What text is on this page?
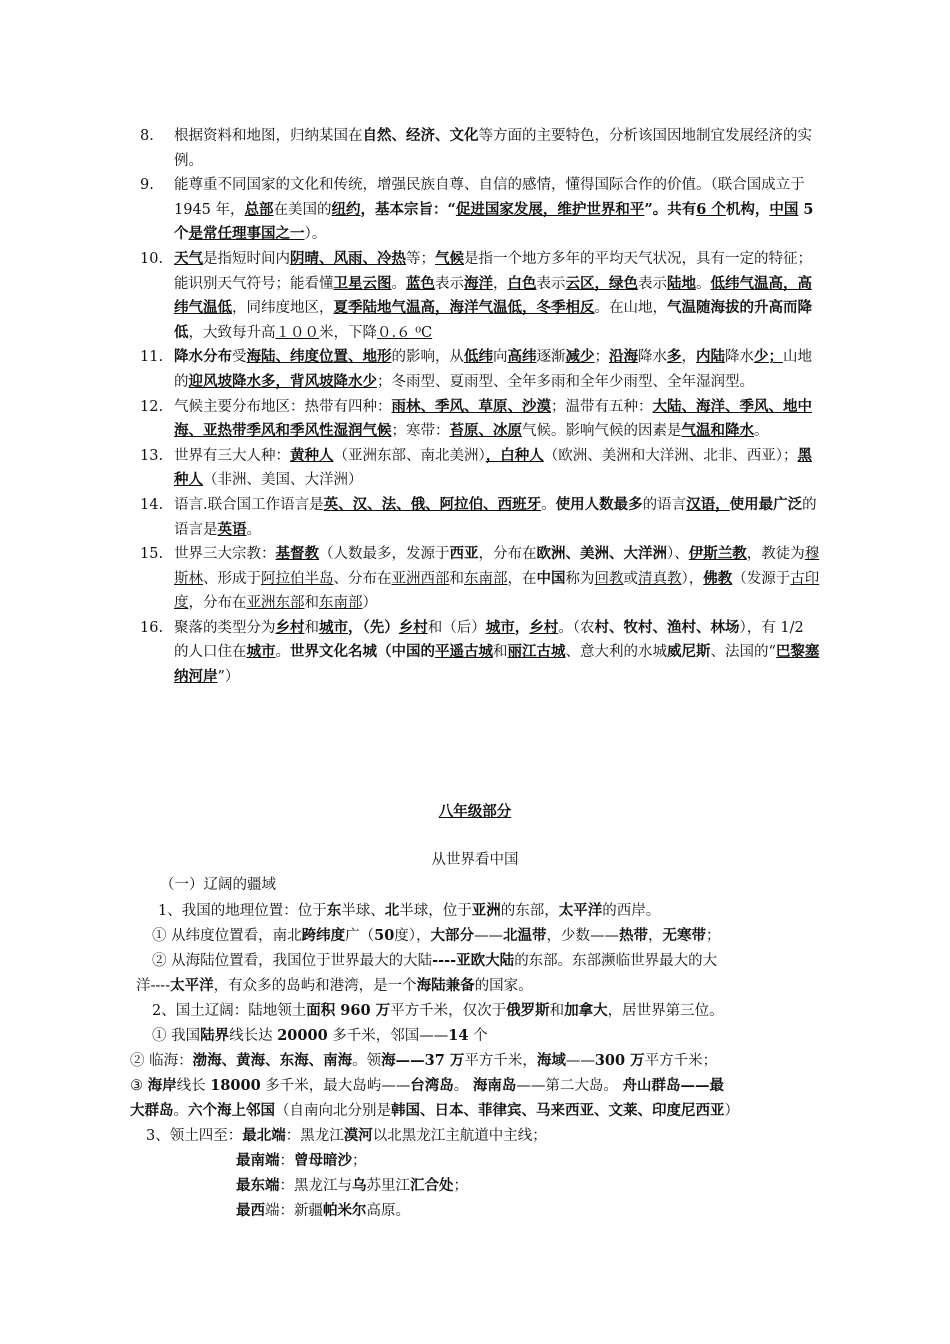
8. 根据资料和地图，归纳某国在自然、经济、文化等方面的主要特色，分析该国因地制宜发展经济的实例。

9. 能尊重不同国家的文化和传统，增强民族自尊、自信的感情，懂得国际合作的价值。（联合国成立于 1945 年，总部在美国的纽约，基本宗旨：“促进国家发展，维护世界和平”。共有6 个机构，中国 5 个是常任理事国之一）。

10. 天气是指短时间内阴晴、风雨、冷热等；气候是指一个地方多年的平均天气状况，具有一定的特征；能识别天气符号；能看懂卫星云图。蓝色表示海洋，白色表示云区，绿色表示陆地。低纬气温高，高纬气温低，同纬度地区，夏季陆地气温高，海洋气温低，冬季相反。在山地，气温随海拔的升高而降低，大致每升高１００米，下降０.６ ⁰C

11. 降水分布受海陆、纬度位置、地形的影响，从低纬向高纬逐渐减少；沿海降水多，内陆降水少；山地的迎风坡降水多，背风坡降水少；冬雨型、夏雨型、全年多雨和全年少雨型、全年湿润型。

12. 气候主要分布地区：热带有四种：雨林、季风、草原、沙漠；温带有五种：大陆、海洋、季风、地中海、亚热带季风和季风性湿润气候；寒带：苔原、冰原气候。影响气候的因素是气温和降水。

13. 世界有三大人种：黄种人（亚洲东部、南北美洲），白种人（欧洲、美洲和大洋洲、北非、西亚）；黑种人（非洲、美国、大洋洲）

14. 语言.联合国工作语言是英、汉、法、俄、阿拉伯、西班牙。使用人数最多的语言汉语，使用最广泛的语言是英语。

15. 世界三大宗教：基督教（人数最多，发源于西亚，分布在欧洲、美洲、大洋洲）、伊斯兰教，教徒为穆斯林、形成于阿拉伯半岛、分布在亚洲西部和东南部，在中国称为回教或清真教），佛教（发源于古印度，分布在亚洲东部和东南部）

16. 聚落的类型分为乡村和城市，（先）乡村和（后）城市，乡村。（农村、牧村、渔村、林场），有 1/2 的人口住在城市。世界文化名城（中国的平遥古城和丽江古城、意大利的水城威尼斯、法国的“巴黎塞纳河岸”）

八年级部分
从世界看中国
（一）辽阔的疆域
1、我国的地理位置：位于东半球、北半球，位于亚洲的东部，太平洋的西岸。
① 从纬度位置看，南北跨纬度广（50度），大部分——北温带，少数——热带，无寒带；
② 从海陆位置看，我国位于世界最大的大陆----亚欧大陆的东部。东部濒临世界最大的大
洋----太平洋，有众多的岛屿和港湾，是一个海陆兼备的国家。
2、国土辽阔：陆地领土面积 960 万平方千米，仅次于俄罗斯和加拿大，居世界第三位。
① 我国陆界线长达 20000 多千米，邻国——14 个
② 临海：渤海、黄海、东海、南海。领海——37 万平方千米，海域——300 万平方千米；
③ 海岸线长 18000 多千米，最大岛屿——台湾岛。 海南岛——第二大岛。 舟山群岛——最
大群岛。六个海上邻国（自南向北分别是韩国、日本、菲律宾、马来西亚、文莱、印度尼西亚）
3、领土四至：最北端：黑龙江漠河以北黑龙江主航道中主线；
最南端：曾母暗沙；
最东端：黑龙江与乌苏里江汇合处；
最西端：新疆帕米尔高原。
